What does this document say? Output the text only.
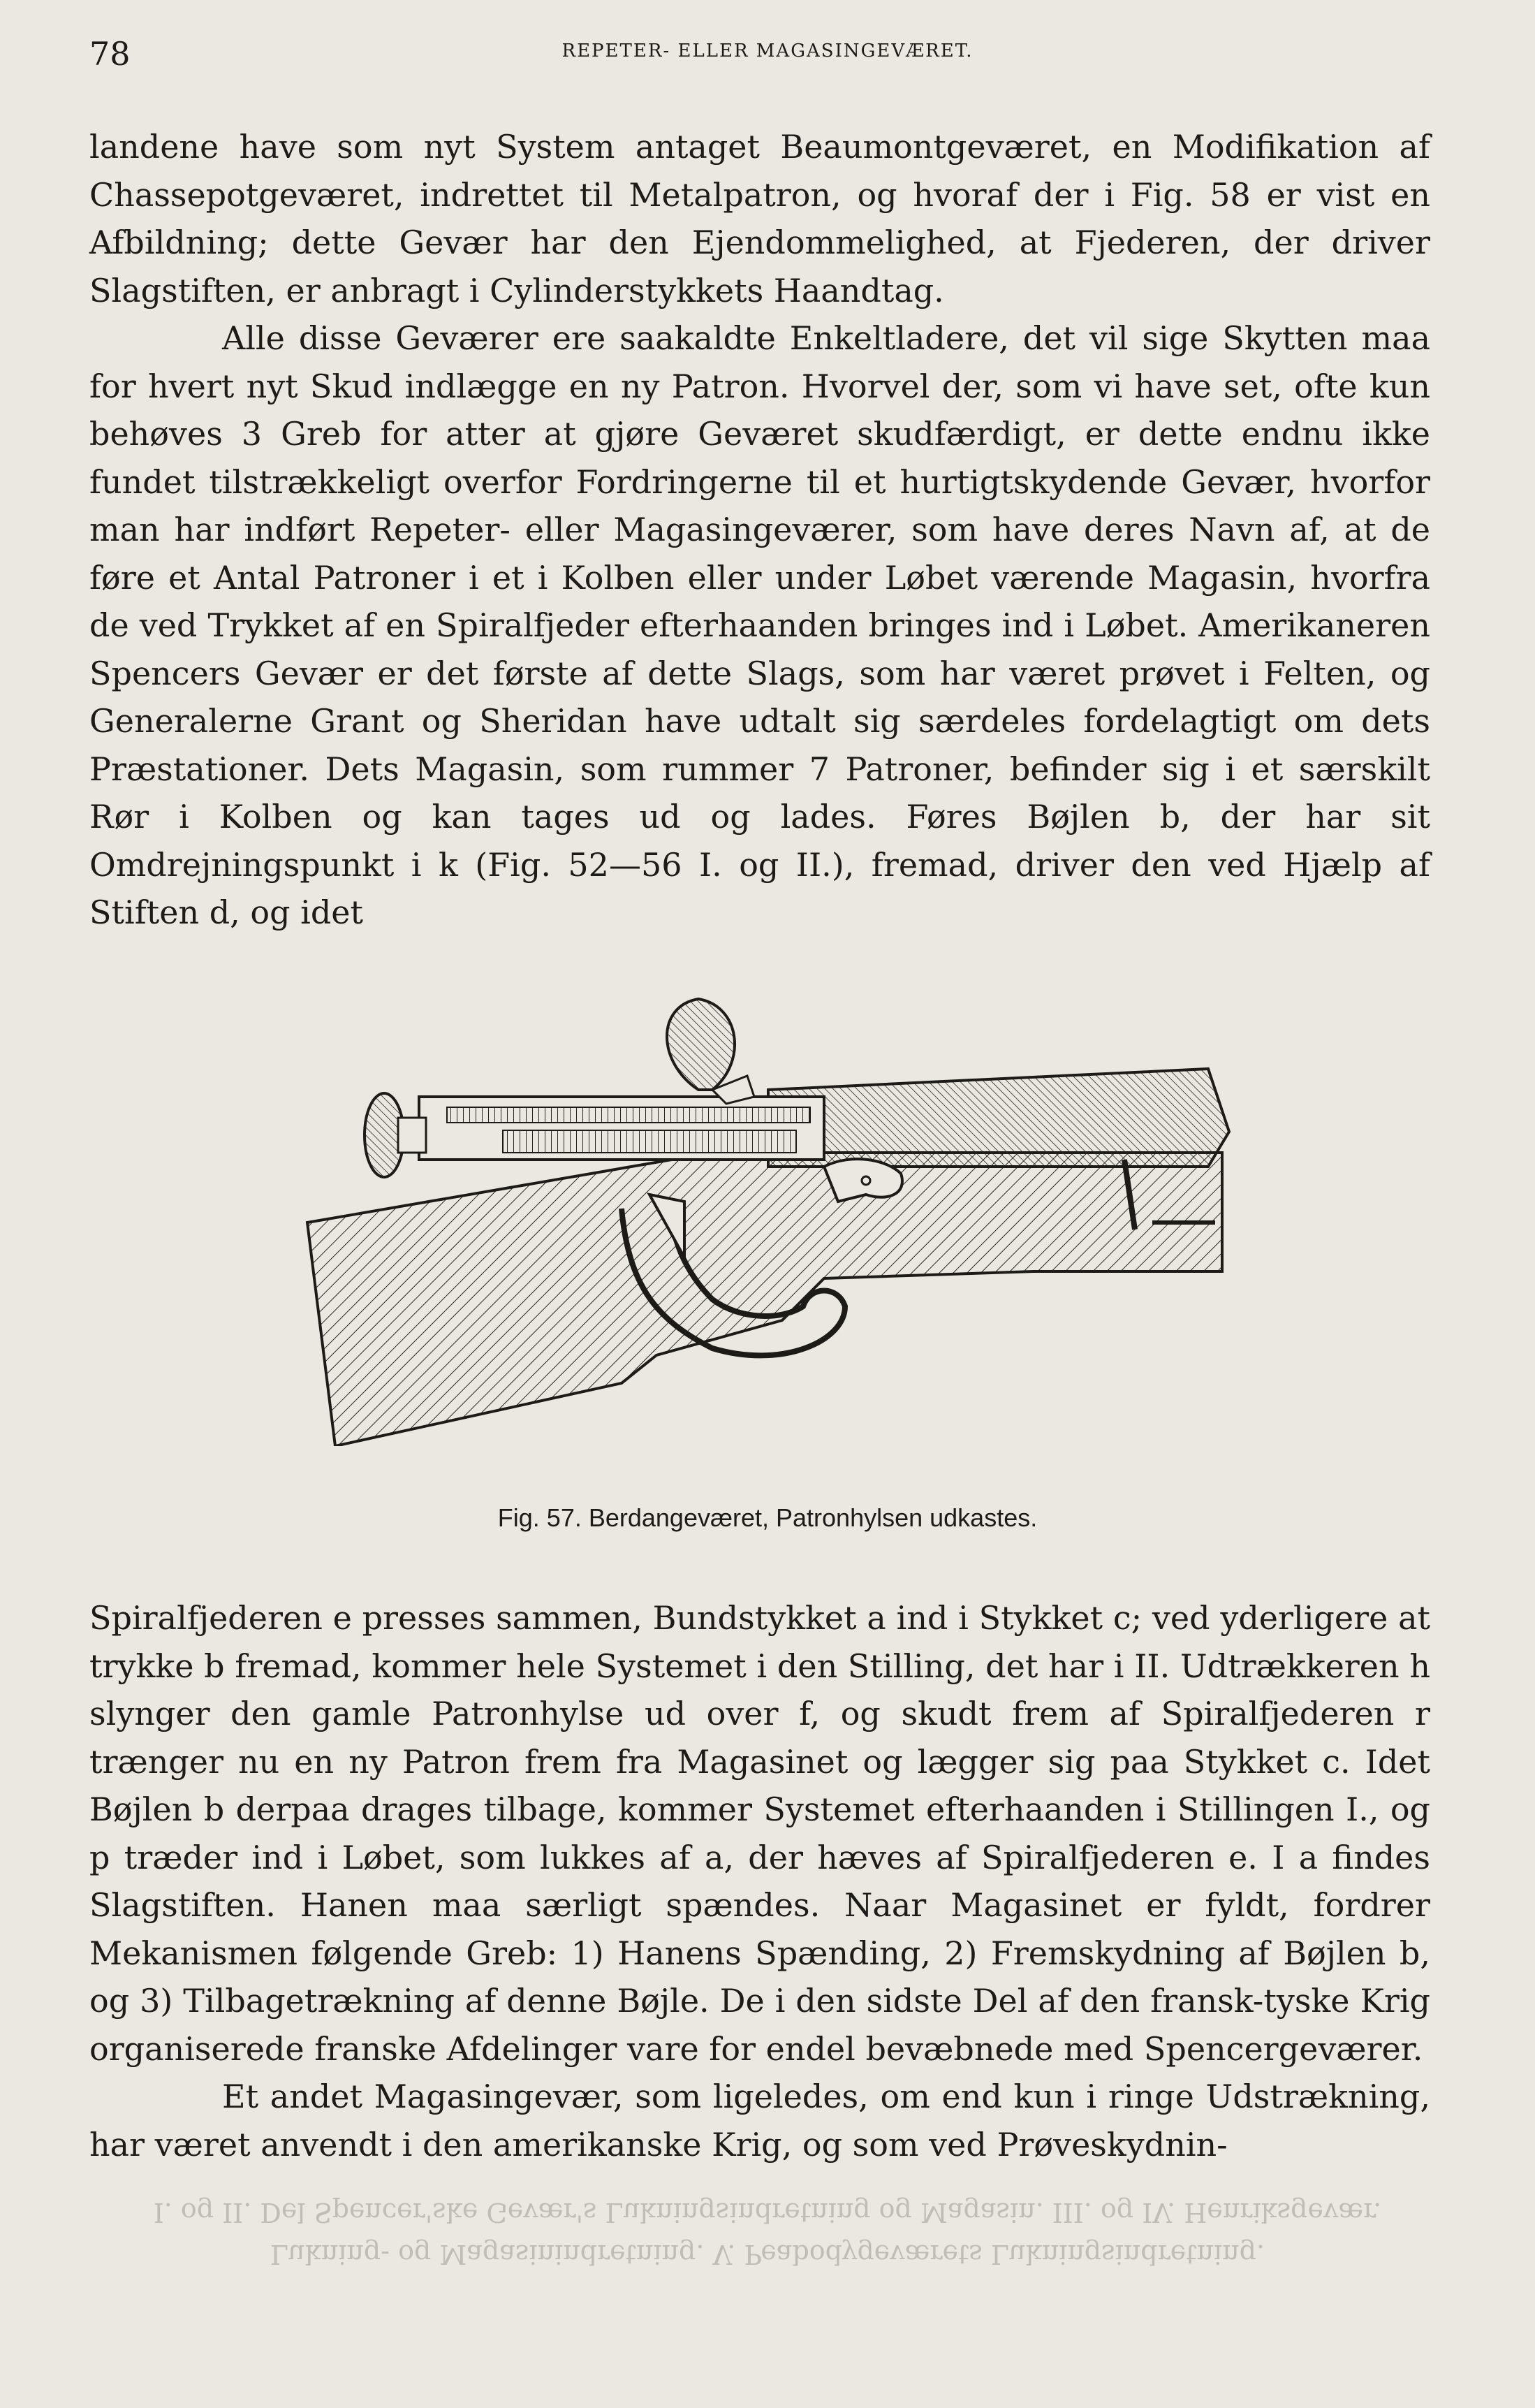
78	REPETER- ELLER MAGASINGEVÆRET.

landene have som nyt System antaget Beaumontgeværet, en Modifikation af Chassepotgeværet, indrettet til Metalpatron, og hvoraf der i Fig. 58 er vist en Afbildning; dette Gevær har den Ejendommelighed, at Fjederen, der driver Slagstiften, er anbragt i Cylinderstykkets Haandtag.

Alle disse Geværer ere saakaldte Enkeltladere, det vil sige Skytten maa for hvert nyt Skud indlægge en ny Patron. Hvorvel der, som vi have set, ofte kun behøves 3 Greb for atter at gjøre Geværet skudfærdigt, er dette endnu ikke fundet tilstrækkeligt overfor Fordringerne til et hurtigtskydende Gevær, hvorfor man har indført Repeter- eller Magasingeværer, som have deres Navn af, at de føre et Antal Patroner i et i Kolben eller under Løbet værende Magasin, hvorfra de ved Trykket af en Spiralfjeder efterhaanden bringes ind i Løbet. Amerikaneren Spencers Gevær er det første af dette Slags, som har været prøvet i Felten, og Generalerne Grant og Sheridan have udtalt sig særdeles fordelagtigt om dets Præstationer. Dets Magasin, som rummer 7 Patroner, befinder sig i et særskilt Rør i Kolben og kan tages ud og lades. Føres Bøjlen b, der har sit Omdrejningspunkt i k (Fig. 52—56 I. og II.), fremad, driver den ved Hjælp af Stiften d, og idet

Fig. 57. Berdangeværet, Patronhylsen udkastes.

Spiralfjederen e presses sammen, Bundstykket a ind i Stykket c; ved yderligere at trykke b fremad, kommer hele Systemet i den Stilling, det har i II. Udtrækkeren h slynger den gamle Patronhylse ud over f, og skudt frem af Spiralfjederen r trænger nu en ny Patron frem fra Magasinet og lægger sig paa Stykket c. Idet Bøjlen b derpaa drages tilbage, kommer Systemet efterhaanden i Stillingen I., og p træder ind i Løbet, som lukkes af a, der hæves af Spiralfjederen e. I a findes Slagstiften. Hanen maa særligt spændes. Naar Magasinet er fyldt, fordrer Mekanismen følgende Greb: 1) Hanens Spænding, 2) Fremskydning af Bøjlen b, og 3) Tilbagetrækning af denne Bøjle. De i den sidste Del af den fransk-tyske Krig organiserede franske Afdelinger vare for endel bevæbnede med Spencergeværer.

Et andet Magasingevær, som ligeledes, om end kun i ringe Udstrækning, har været anvendt i den amerikanske Krig, og som ved Prøveskydnin-

I. og II. Del Spencer'ske Gevær's Lukningsindretning og Magasin. III. og IV. Henriksgevær.
Lukning- og Magasinindretning. V. Peabodygeværets Lukningsindretning.
